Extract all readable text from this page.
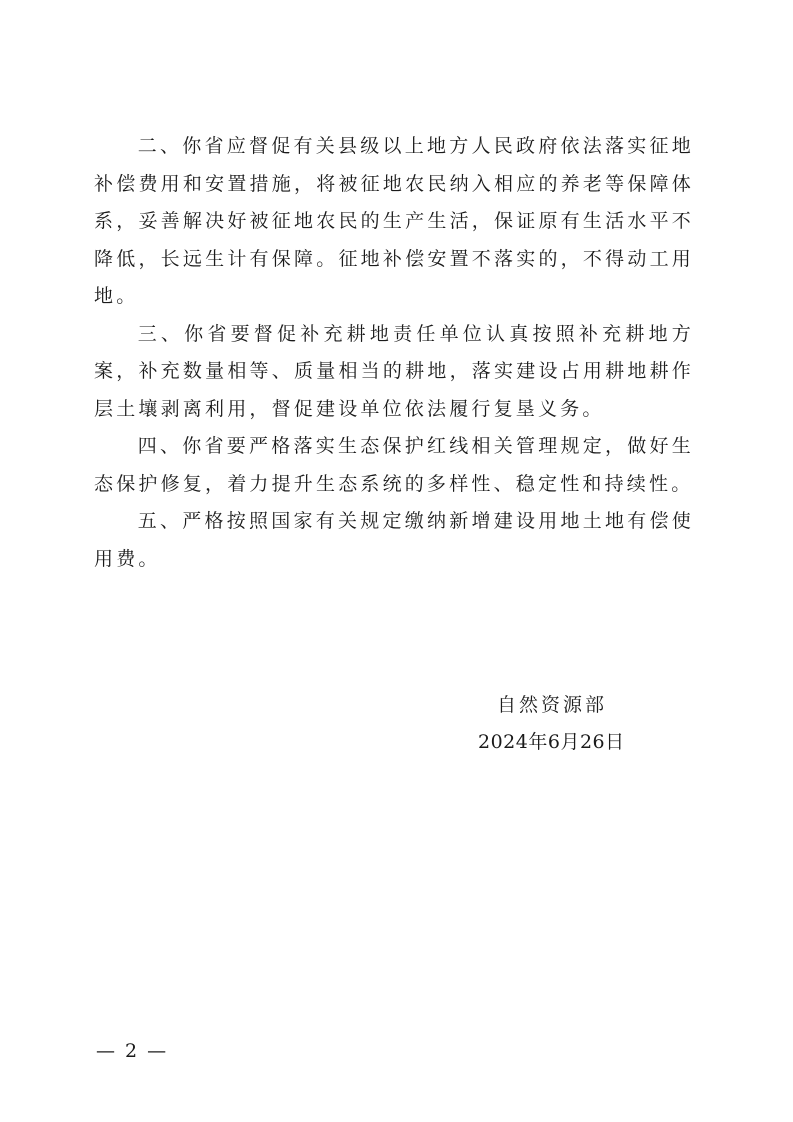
二、你省应督促有关县级以上地方人民政府依法落实征地补偿费用和安置措施，将被征地农民纳入相应的养老等保障体系，妥善解决好被征地农民的生产生活，保证原有生活水平不降低，长远生计有保障。征地补偿安置不落实的，不得动工用地。

三、你省要督促补充耕地责任单位认真按照补充耕地方案，补充数量相等、质量相当的耕地，落实建设占用耕地耕作层土壤剥离利用，督促建设单位依法履行复垦义务。

四、你省要严格落实生态保护红线相关管理规定，做好生态保护修复，着力提升生态系统的多样性、稳定性和持续性。

五、严格按照国家有关规定缴纳新增建设用地土地有偿使用费。

自然资源部
2024年6月26日
— 2 —
